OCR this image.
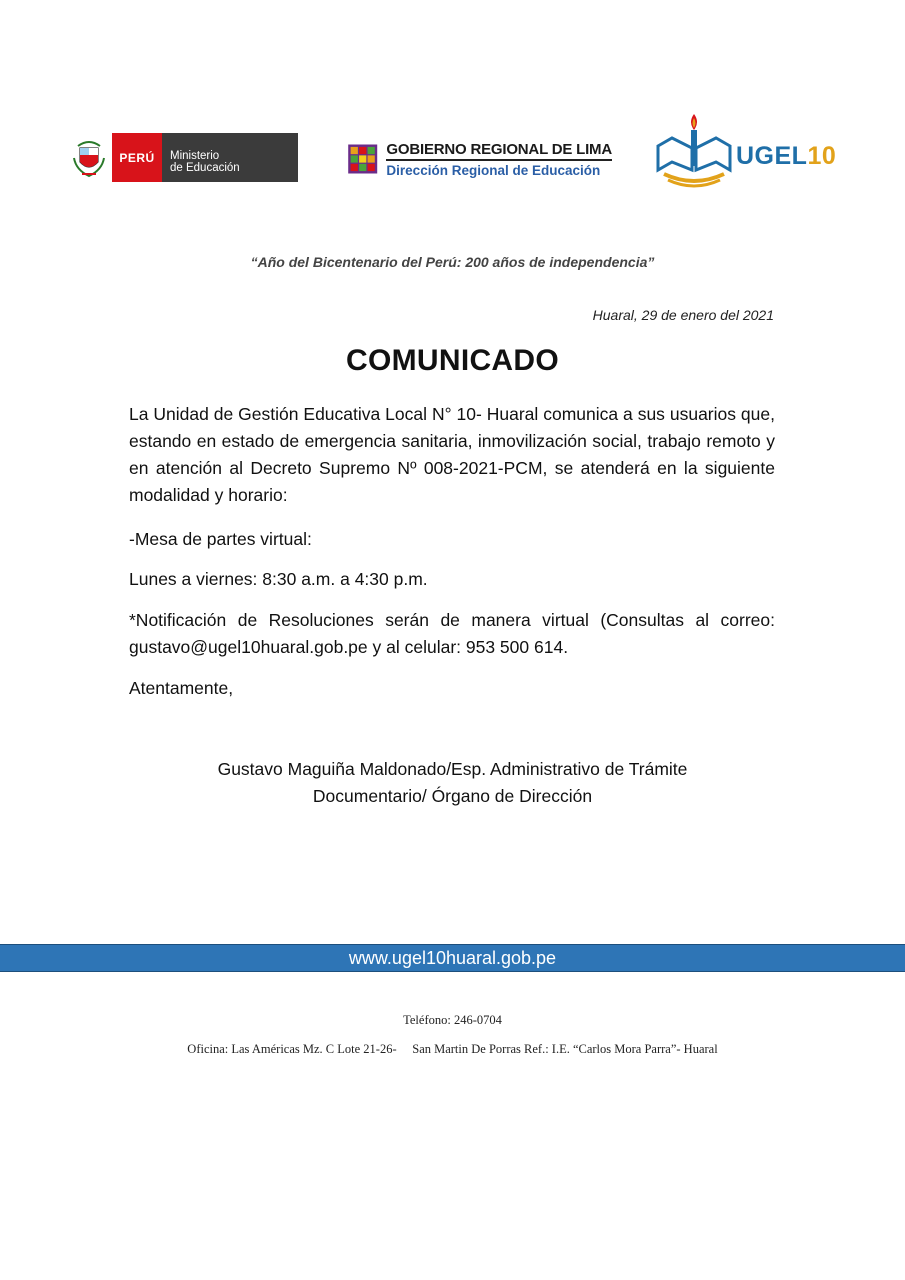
PERÚ	Ministerio
de Educación
GOBIERNO REGIONAL DE LIMA
Dirección Regional de Educación	UGEL10
“Año del Bicentenario del Perú: 200 años de independencia”
Huaral, 29 de enero del 2021
COMUNICADO
La Unidad de Gestión Educativa Local N° 10- Huaral comunica a sus usuarios que, estando en estado de emergencia sanitaria, inmovilización social, trabajo remoto y en atención al Decreto Supremo Nº 008-2021-PCM, se atenderá en la siguiente modalidad y horario:
-Mesa de partes virtual:
Lunes a viernes: 8:30 a.m. a 4:30 p.m.
*Notificación de Resoluciones serán de manera virtual (Consultas al correo: gustavo@ugel10huaral.gob.pe y al celular: 953 500 614.
Atentamente,
Gustavo Maguiña Maldonado/Esp. Administrativo de Trámite
Documentario/ Órgano de Dirección
www.ugel10huaral.gob.pe
Teléfono: 246-0704
Oficina: Las Américas Mz. C Lote 21-26-     San Martin De Porras Ref.: I.E. “Carlos Mora Parra”- Huaral
